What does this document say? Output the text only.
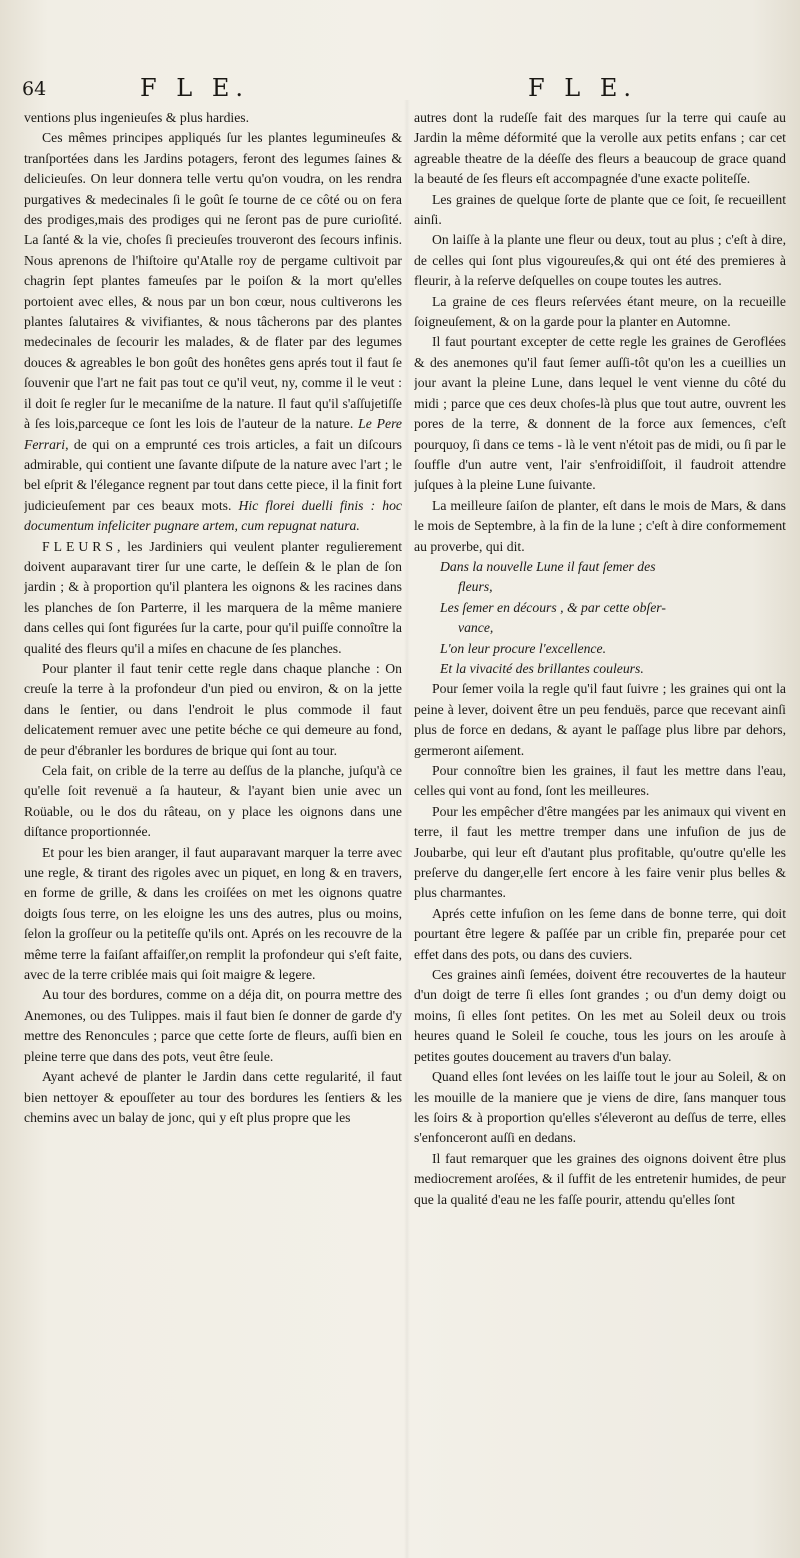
64	F L E.	F L E.

ventions plus ingenieuſes & plus hardies.

Ces mêmes principes appliqués ſur les plantes legumineuſes & tranſportées dans les Jardins potagers, feront des legumes ſaines & delicieuſes. On leur donnera telle vertu qu'on voudra, on les rendra purgatives & medecinales ſi le goût ſe tourne de ce côté ou on fera des prodiges,mais des prodiges qui ne ſeront pas de pure curioſité. La ſanté & la vie, choſes ſi precieuſes trouveront des ſecours infinis. Nous aprenons de l'hiſtoire qu'Atalle roy de pergame cultivoit par chagrin ſept plantes fameuſes par le poiſon & la mort qu'elles portoient avec elles, & nous par un bon cœur, nous cultiverons les plantes ſalutaires & vivifiantes, & nous tâcherons par des plantes medecinales de ſecourir les malades, & de flater par des legumes douces & agreables le bon goût des honêtes gens aprés tout il faut ſe ſouvenir que l'art ne fait pas tout ce qu'il veut, ny, comme il le veut : il doit ſe regler ſur le mecaniſme de la nature. Il faut qu'il s'aſſujetiſſe à ſes lois,parceque ce ſont les lois de l'auteur de la nature. Le Pere Ferrari, de qui on a emprunté ces trois articles, a fait un diſcours admirable, qui contient une ſavante diſpute de la nature avec l'art ; le bel eſprit & l'élegance regnent par tout dans cette piece, il la finit fort judicieuſement par ces beaux mots. Hic florei duelli finis : hoc documentum infeliciter pugnare artem, cum repugnat natura.

FLEURS, les Jardiniers qui veulent planter regulierement doivent auparavant tirer ſur une carte, le deſſein & le plan de ſon jardin ; & à proportion qu'il plantera les oignons & les racines dans les planches de ſon Parterre, il les marquera de la même maniere dans celles qui ſont figurées ſur la carte, pour qu'il puiſſe connoître la qualité des fleurs qu'il a miſes en chacune de ſes planches.

Pour planter il faut tenir cette regle dans chaque planche : On creuſe la terre à la profondeur d'un pied ou environ, & on la jette dans le ſentier, ou dans l'endroit le plus commode il faut delicatement remuer avec une petite béche ce qui demeure au fond, de peur d'ébranler les bordures de brique qui ſont au tour.

Cela fait, on crible de la terre au deſſus de la planche, juſqu'à ce qu'elle ſoit revenuë a ſa hauteur, & l'ayant bien unie avec un Roüable, ou le dos du râteau, on y place les oignons dans une diſtance proportionnée.

Et pour les bien aranger, il faut auparavant marquer la terre avec une regle, & tirant des rigoles avec un piquet, en long & en travers, en forme de grille, & dans les croiſées on met les oignons quatre doigts ſous terre, on les eloigne les uns des autres, plus ou moins, ſelon la groſſeur ou la petiteſſe qu'ils ont. Aprés on les recouvre de la même terre la faiſant affaiſſer,on remplit la profondeur qui s'eſt faite, avec de la terre criblée mais qui ſoit maigre & legere.

Au tour des bordures, comme on a déja dit, on pourra mettre des Anemones, ou des Tulippes. mais il faut bien ſe donner de garde d'y mettre des Renoncules ; parce que cette ſorte de fleurs, auſſi bien en pleine terre que dans des pots, veut être ſeule.

Ayant achevé de planter le Jardin dans cette regularité, il faut bien nettoyer & epouſſeter au tour des bordures les ſentiers & les chemins avec un balay de jonc, qui y eſt plus propre que les

autres dont la rudeſſe fait des marques ſur la terre qui cauſe au Jardin la même déformité que la verolle aux petits enfans ; car cet agreable theatre de la déeſſe des fleurs a beaucoup de grace quand la beauté de ſes fleurs eſt accompagnée d'une exacte politeſſe.

Les graines de quelque ſorte de plante que ce ſoit, ſe recueillent ainſi.

On laiſſe à la plante une fleur ou deux, tout au plus ; c'eſt à dire, de celles qui ſont plus vigoureuſes,& qui ont été des premieres à fleurir, à la reſerve deſquelles on coupe toutes les autres.

La graine de ces fleurs reſervées étant meure, on la recueille ſoigneuſement, & on la garde pour la planter en Automne.

Il faut pourtant excepter de cette regle les graines de Geroflées & des anemones qu'il faut ſemer auſſi-tôt qu'on les a cueillies un jour avant la pleine Lune, dans lequel le vent vienne du côté du midi ; parce que ces deux choſes-là plus que tout autre, ouvrent les pores de la terre, & donnent de la force aux ſemences, c'eſt pourquoy, ſi dans ce tems - là le vent n'étoit pas de midi, ou ſi par le ſouffle d'un autre vent, l'air s'enfroidiſſoit, il faudroit attendre juſques à la pleine Lune ſuivante.

La meilleure ſaiſon de planter, eſt dans le mois de Mars, & dans le mois de Septembre, à la fin de la lune ; c'eſt à dire conformement au proverbe, qui dit.

Dans la nouvelle Lune il faut ſemer des

fleurs,

Les ſemer en décours , & par cette obſer-

vance,

L'on leur procure l'excellence.

Et la vivacité des brillantes couleurs.

Pour ſemer voila la regle qu'il faut ſuivre ; les graines qui ont la peine à lever, doivent être un peu fenduës, parce que recevant ainſi plus de force en dedans, & ayant le paſſage plus libre par dehors, germeront aiſement.

Pour connoître bien les graines, il faut les mettre dans l'eau, celles qui vont au fond, ſont les meilleures.

Pour les empêcher d'être mangées par les animaux qui vivent en terre, il faut les mettre tremper dans une infuſion de jus de Joubarbe, qui leur eſt d'autant plus profitable, qu'outre qu'elle les preſerve du danger,elle ſert encore à les faire venir plus belles & plus charmantes.

Aprés cette infuſion on les ſeme dans de bonne terre, qui doit pourtant être legere & paſſée par un crible fin, preparée pour cet effet dans des pots, ou dans des cuviers.

Ces graines ainſi ſemées, doivent étre recouvertes de la hauteur d'un doigt de terre ſi elles ſont grandes ; ou d'un demy doigt ou moins, ſi elles ſont petites. On les met au Soleil deux ou trois heures quand le Soleil ſe couche, tous les jours on les arouſe à petites goutes doucement au travers d'un balay.

Quand elles ſont levées on les laiſſe tout le jour au Soleil, & on les mouille de la maniere que je viens de dire, ſans manquer tous les ſoirs & à proportion qu'elles s'éleveront au deſſus de terre, elles s'enfonceront auſſi en dedans.

Il faut remarquer que les graines des oignons doivent être plus mediocrement aroſées, & il ſuffit de les entretenir humides, de peur que la qualité d'eau ne les faſſe pourir, attendu qu'elles ſont
